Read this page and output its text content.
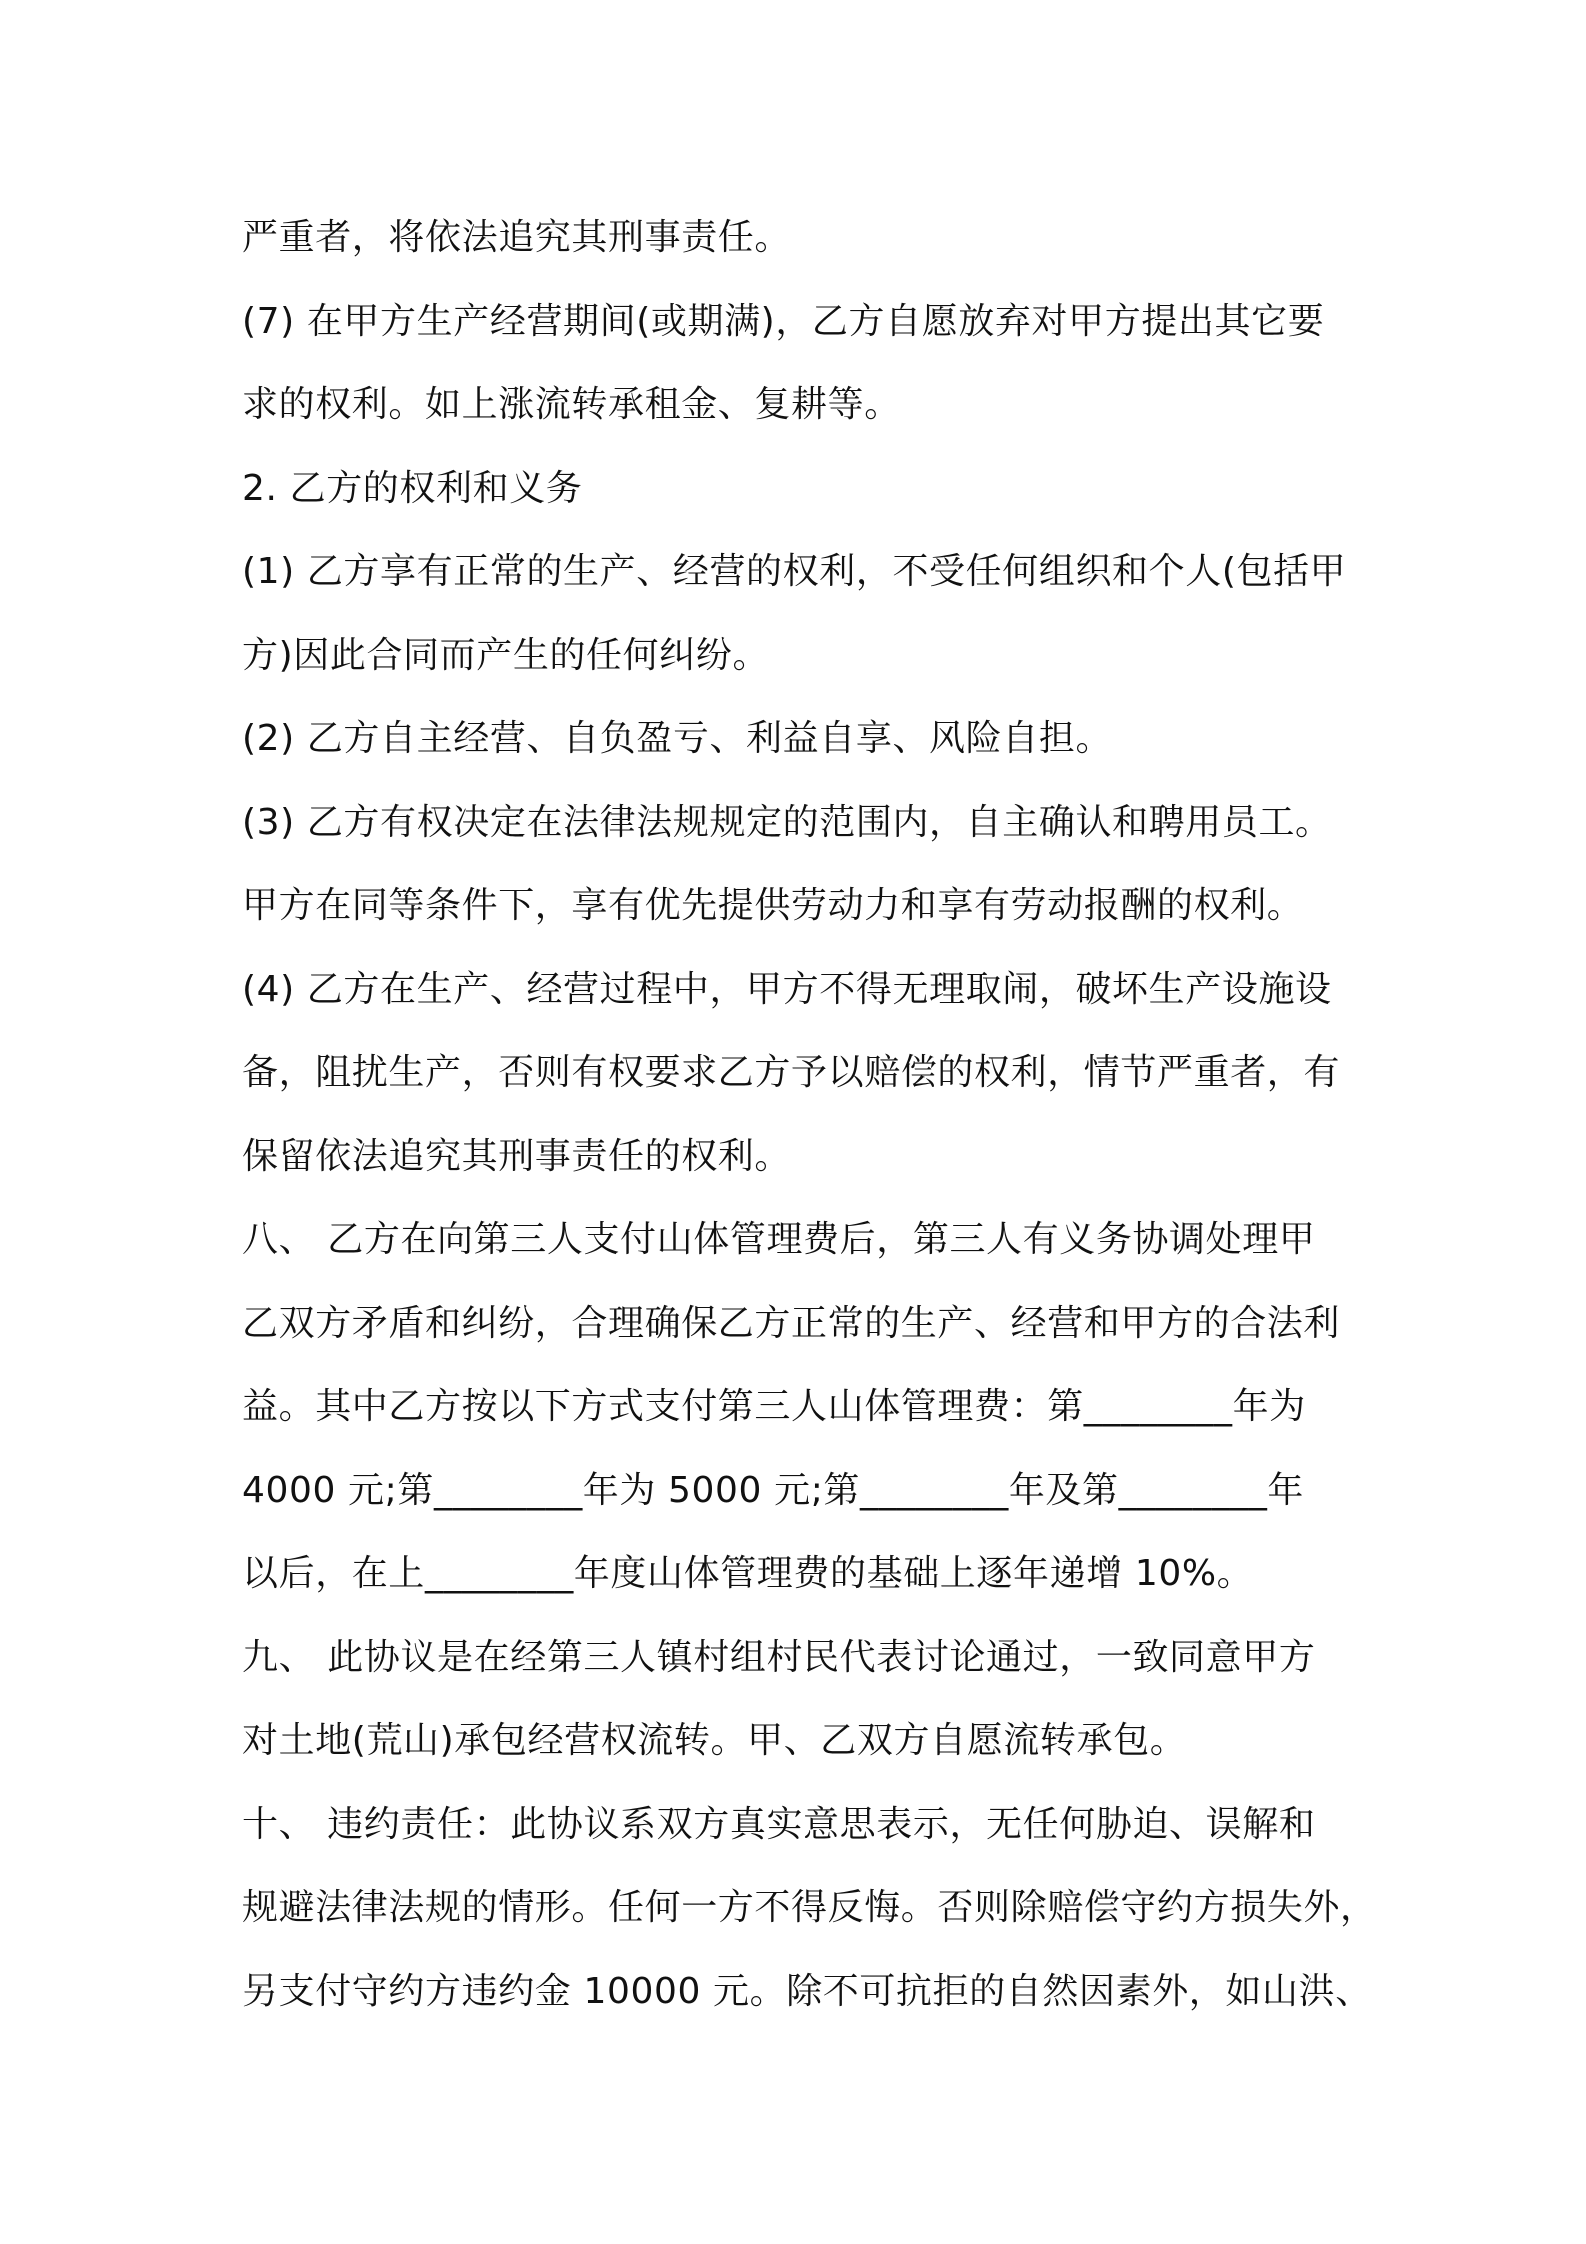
严重者，将依法追究其刑事责任。
(7) 在甲方生产经营期间(或期满)，乙方自愿放弃对甲方提出其它要
求的权利。如上涨流转承租金、复耕等。
2. 乙方的权利和义务
(1) 乙方享有正常的生产、经营的权利，不受任何组织和个人(包括甲
方)因此合同而产生的任何纠纷。
(2) 乙方自主经营、自负盈亏、利益自享、风险自担。
(3) 乙方有权决定在法律法规规定的范围内，自主确认和聘用员工。
甲方在同等条件下，享有优先提供劳动力和享有劳动报酬的权利。
(4) 乙方在生产、经营过程中，甲方不得无理取闹，破坏生产设施设
备，阻扰生产，否则有权要求乙方予以赔偿的权利，情节严重者，有
保留依法追究其刑事责任的权利。
八、 乙方在向第三人支付山体管理费后，第三人有义务协调处理甲
乙双方矛盾和纠纷，合理确保乙方正常的生产、经营和甲方的合法利
益。其中乙方按以下方式支付第三人山体管理费：第________年为
4000 元;第________年为 5000 元;第________年及第________年
以后，在上________年度山体管理费的基础上逐年递增 10%。
九、 此协议是在经第三人镇村组村民代表讨论通过，一致同意甲方
对土地(荒山)承包经营权流转。甲、乙双方自愿流转承包。
十、 违约责任：此协议系双方真实意思表示，无任何胁迫、误解和
规避法律法规的情形。任何一方不得反悔。否则除赔偿守约方损失外，
另支付守约方违约金 10000 元。除不可抗拒的自然因素外，如山洪、
